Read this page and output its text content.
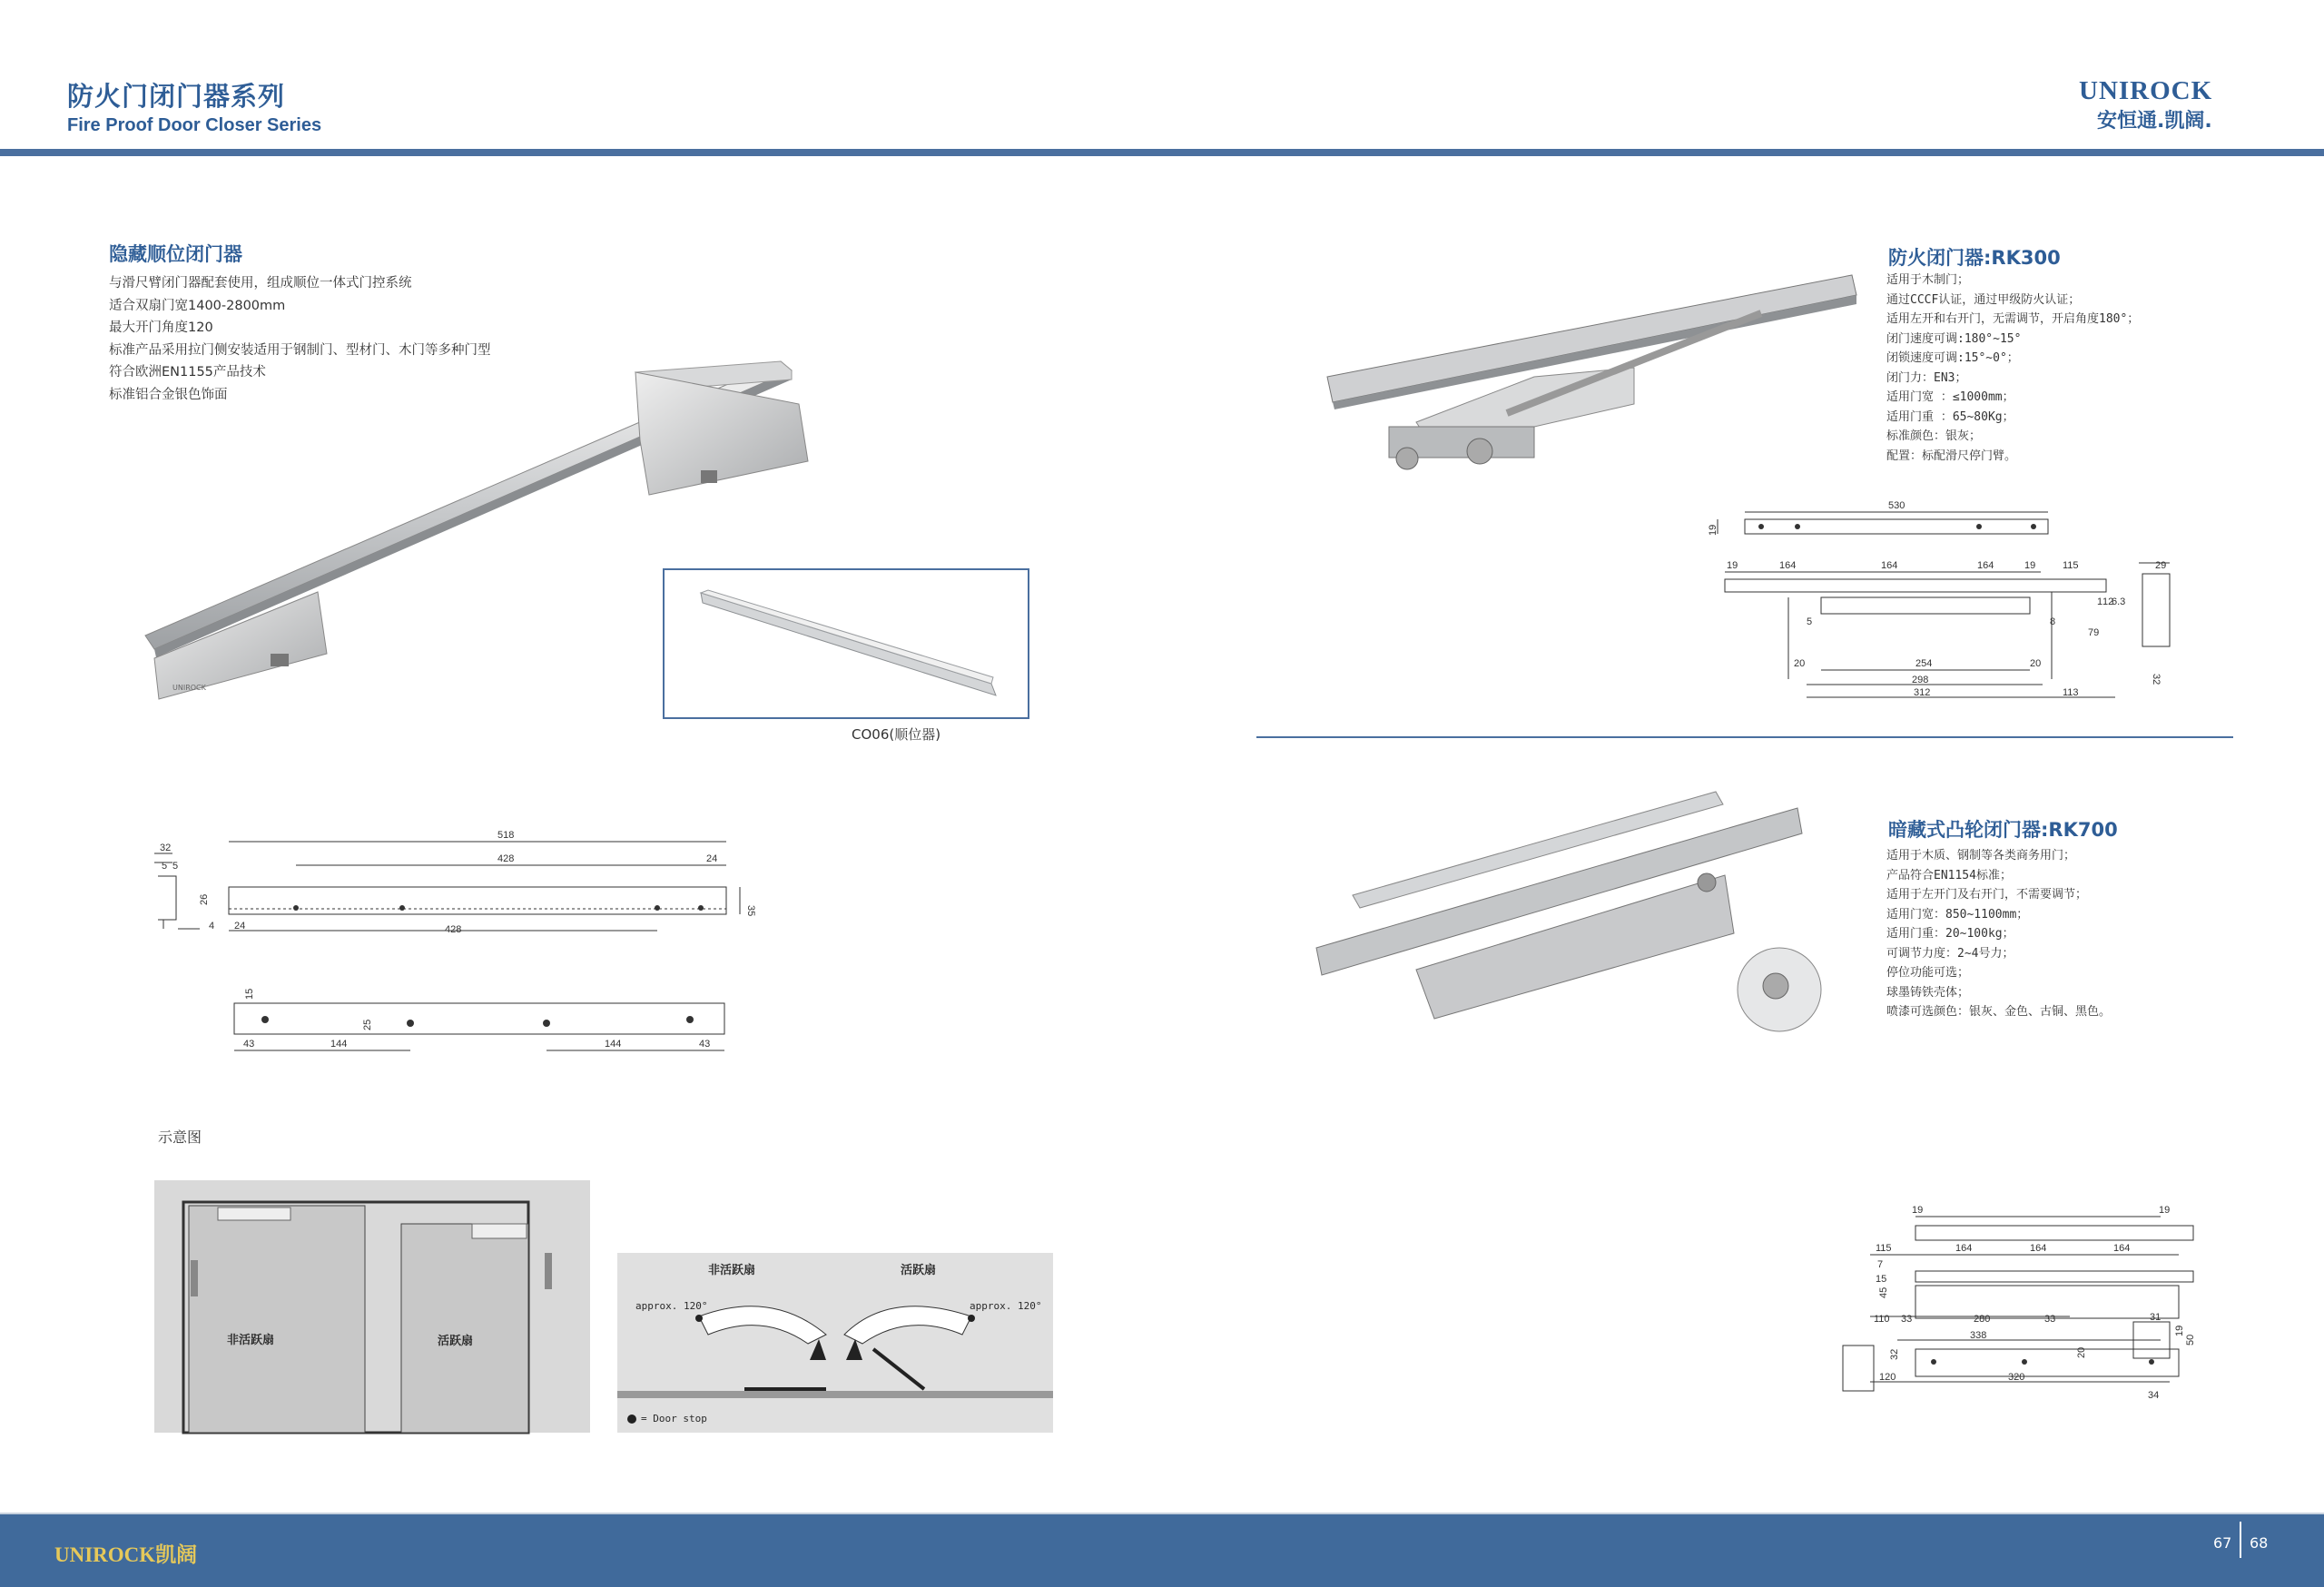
防火门闭门器系列
Fire Proof Door Closer Series
UNIROCK
安恒通.凯阔.
隐藏顺位闭门器
与滑尺臂闭门器配套使用，组成顺位一体式门控系统
适合双扇门宽1400-2800mm
最大开门角度120
标准产品采用拉门侧安装适用于钢制门、型材门、木门等多种门型
符合欧洲EN1155产品技术
标准铝合金银色饰面
UNIROCK
CO06(顺位器)
32
5 5
4
26
518
428	24
24	428
35
15
25
43	144	144	43
示意图
非活跃扇	活跃扇
非活跃扇	活跃扇
approx. 120°	approx. 120°
= Door stop
防火闭门器:RK300
适用于木制门；
通过CCCF认证，通过甲级防火认证；
适用左开和右开门，无需调节，开启角度180°；
闭门速度可调:180°~15°
闭锁速度可调:15°~0°；
闭门力：EN3；
适用门宽 ：≤1000mm；
适用门重 ：65~80Kg；
标准颜色：银灰；
配置：标配滑尺停门臂。
530
19
19	164	164	164	19	115	29
1 12
6.3
8
5
79
20	254	20
298
312	113
32
暗藏式凸轮闭门器:RK700
适用于木质、钢制等各类商务用门；
产品符合EN1154标准；
适用于左开门及右开门，不需要调节；
适用门宽：850~1100mm；
适用门重：20~100kg；
可调节力度：2~4号力；
停位功能可选；
球墨铸铁壳体；
喷漆可选颜色：银灰、金色、古铜、黑色。
19	19
115	164	164	164
7
15
45
110 33	280	33
338
32
120	320
20
50
31
34
19
UNIROCK凯阔
67 68
